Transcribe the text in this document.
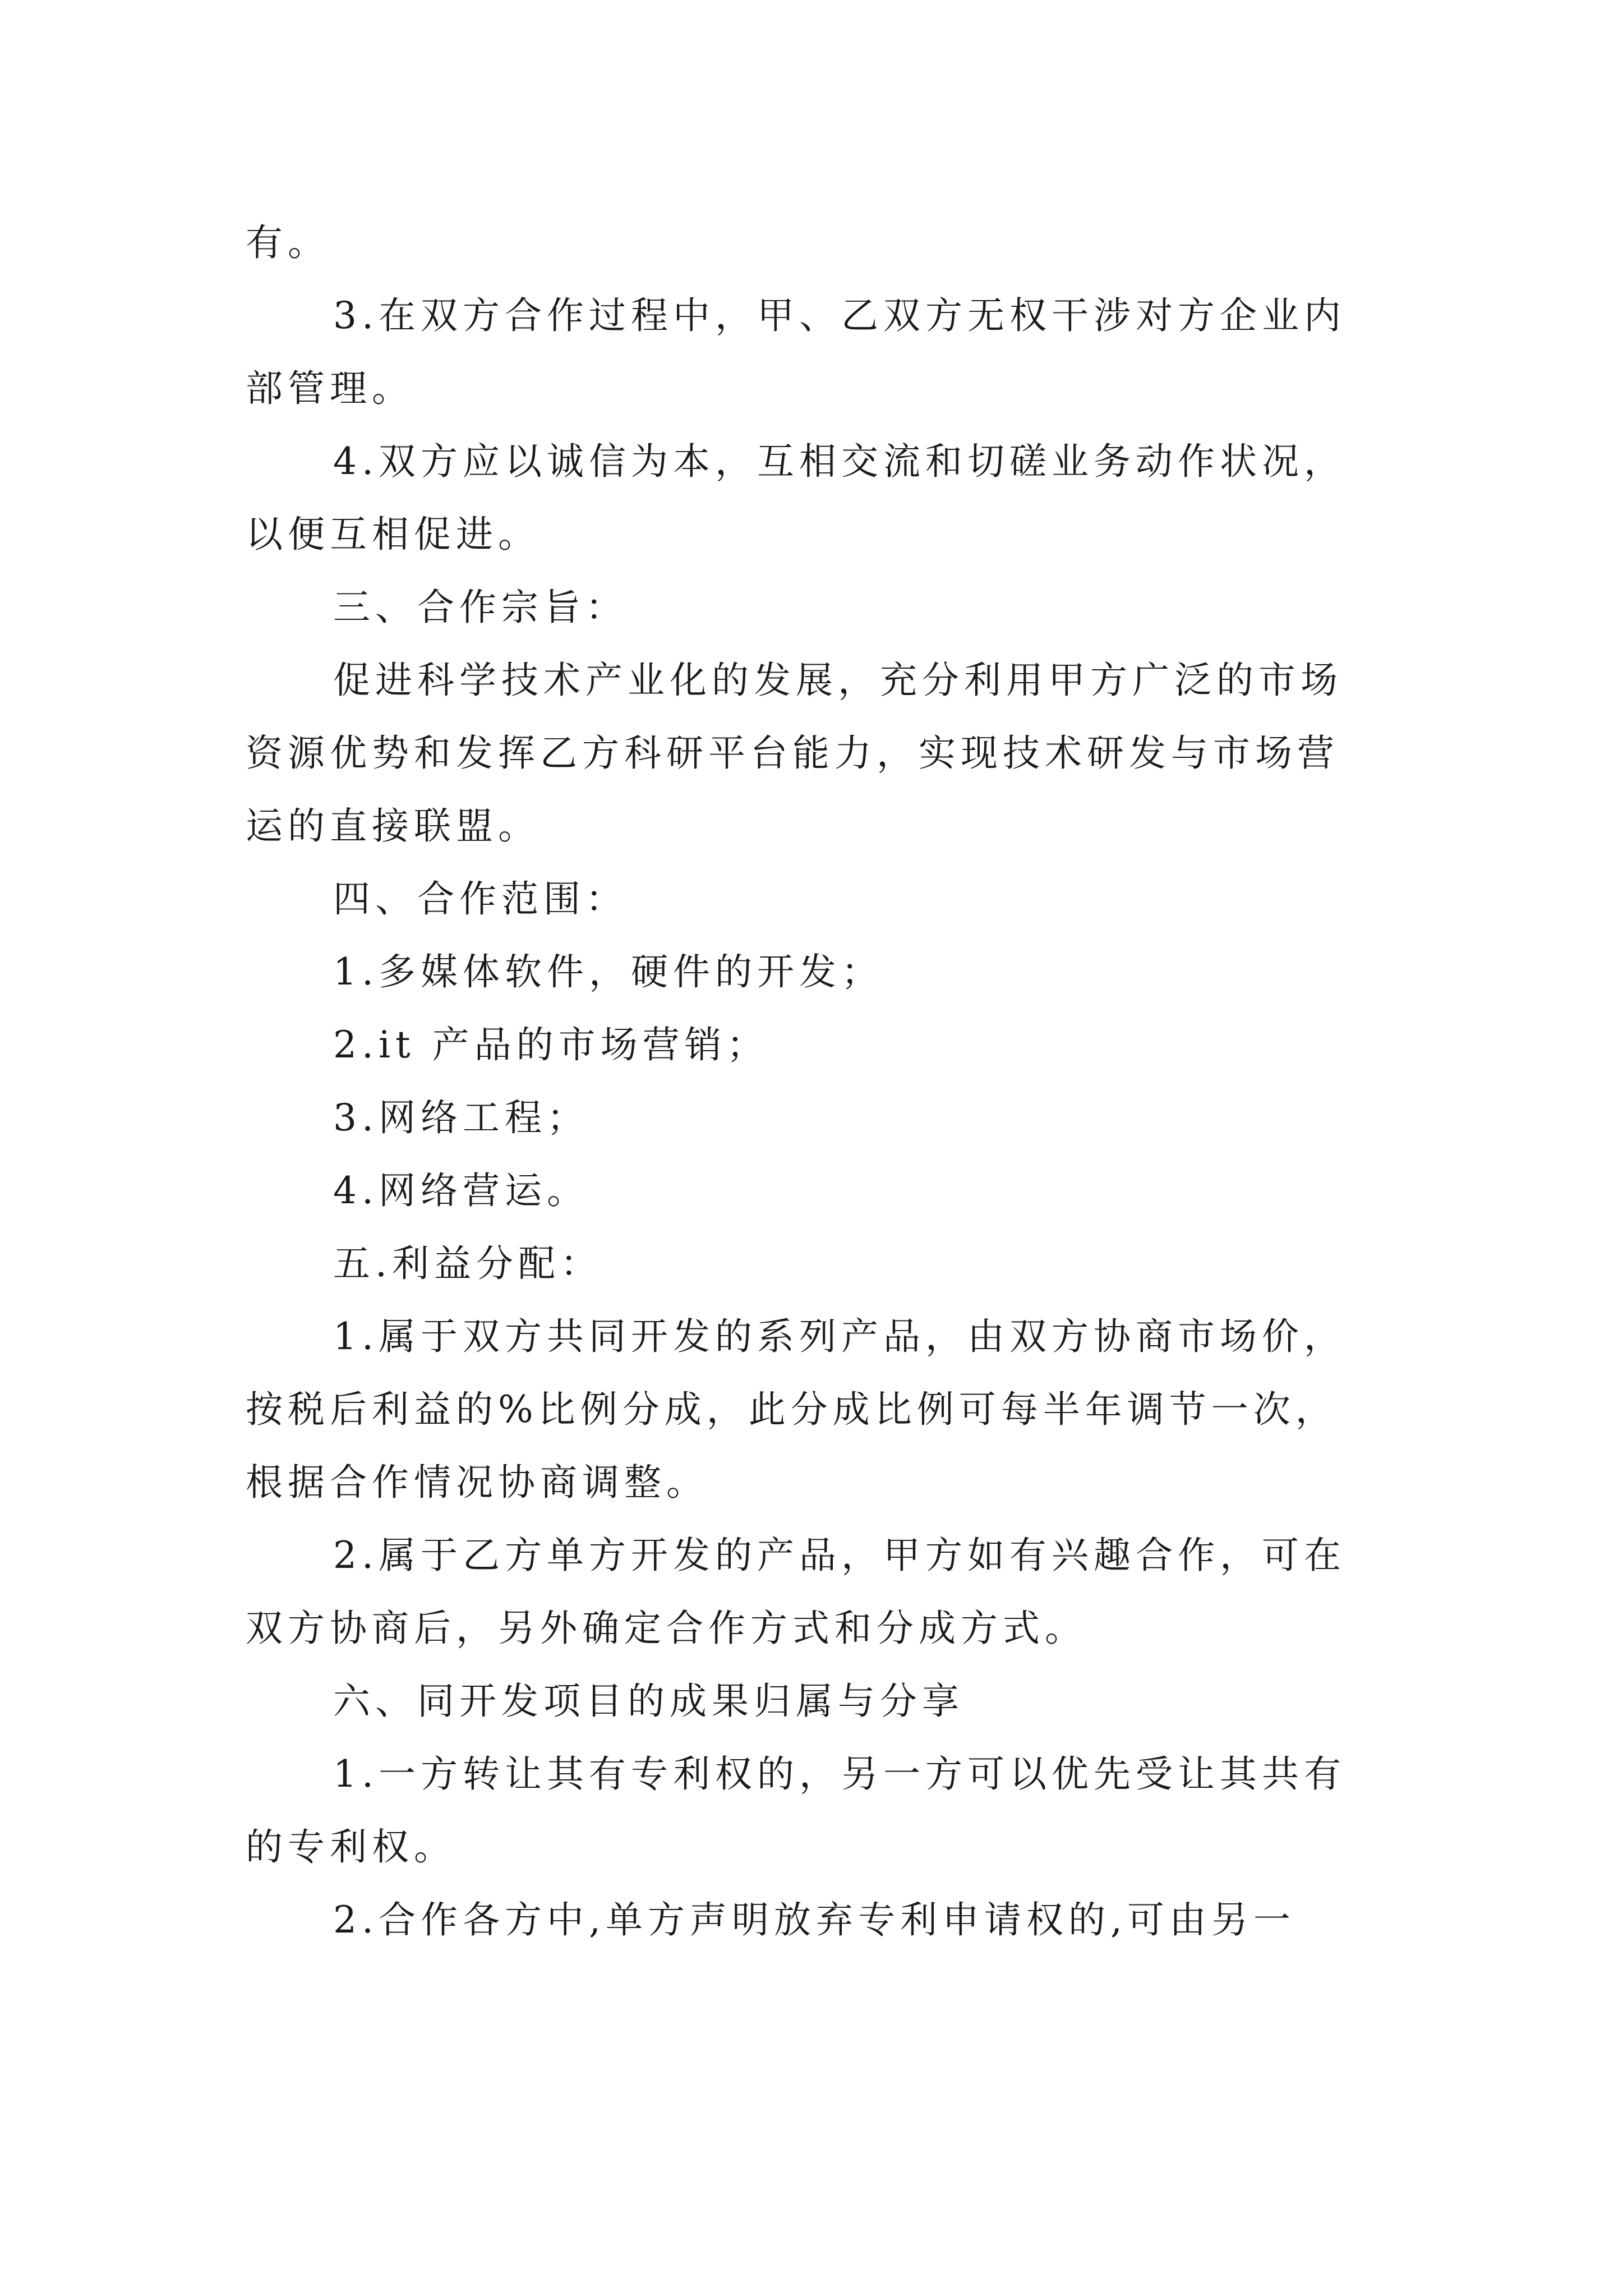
有。

3.在双方合作过程中，甲、乙双方无权干涉对方企业内

部管理。

4.双方应以诚信为本，互相交流和切磋业务动作状况，

以便互相促进。

三、合作宗旨：

促进科学技术产业化的发展，充分利用甲方广泛的市场

资源优势和发挥乙方科研平台能力，实现技术研发与市场营

运的直接联盟。

四、合作范围：

1.多媒体软件，硬件的开发；

2.it 产品的市场营销；

3.网络工程；

4.网络营运。

五.利益分配：

1.属于双方共同开发的系列产品，由双方协商市场价，

按税后利益的%比例分成，此分成比例可每半年调节一次，

根据合作情况协商调整。

2.属于乙方单方开发的产品，甲方如有兴趣合作，可在

双方协商后，另外确定合作方式和分成方式。

六、同开发项目的成果归属与分享

1.一方转让其有专利权的，另一方可以优先受让其共有

的专利权。

2.合作各方中,单方声明放弃专利申请权的,可由另一
